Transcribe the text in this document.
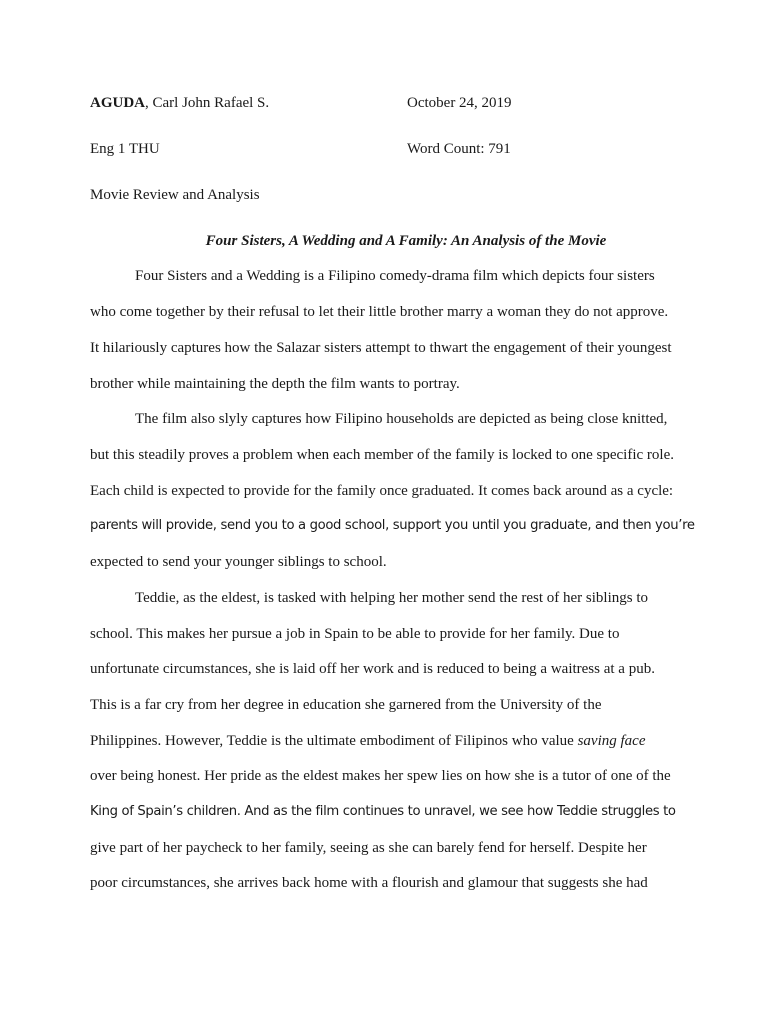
AGUDA, Carl John Rafael S.	October 24, 2019
Eng 1 THU	Word Count: 791
Movie Review and Analysis
Four Sisters, A Wedding and A Family: An Analysis of the Movie
Four Sisters and a Wedding is a Filipino comedy-drama film which depicts four sisters
who come together by their refusal to let their little brother marry a woman they do not approve.
It hilariously captures how the Salazar sisters attempt to thwart the engagement of their youngest
brother while maintaining the depth the film wants to portray.
The film also slyly captures how Filipino households are depicted as being close knitted,
but this steadily proves a problem when each member of the family is locked to one specific role.
Each child is expected to provide for the family once graduated. It comes back around as a cycle:
parents will provide, send you to a good school, support you until you graduate, and then you’re
expected to send your younger siblings to school.
Teddie, as the eldest, is tasked with helping her mother send the rest of her siblings to
school. This makes her pursue a job in Spain to be able to provide for her family. Due to
unfortunate circumstances, she is laid off her work and is reduced to being a waitress at a pub.
This is a far cry from her degree in education she garnered from the University of the
Philippines. However, Teddie is the ultimate embodiment of Filipinos who value saving face
over being honest. Her pride as the eldest makes her spew lies on how she is a tutor of one of the
King of Spain’s children. And as the film continues to unravel, we see how Teddie struggles to
give part of her paycheck to her family, seeing as she can barely fend for herself. Despite her
poor circumstances, she arrives back home with a flourish and glamour that suggests she had
